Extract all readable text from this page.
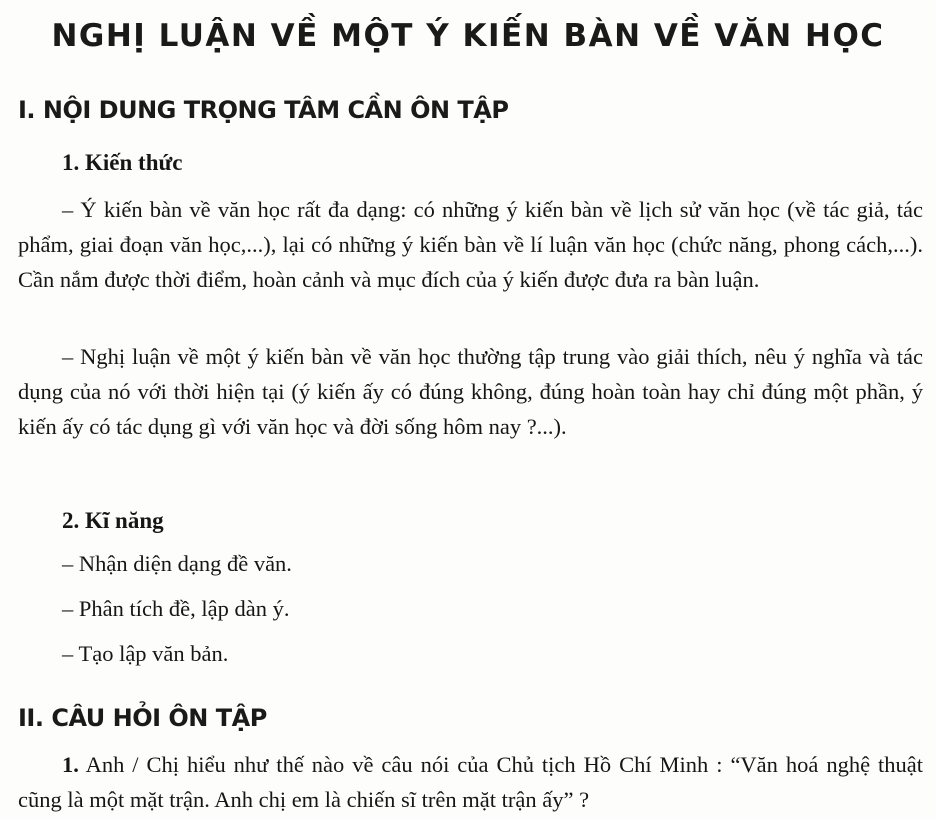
NGHỊ LUẬN VỀ MỘT Ý KIẾN BÀN VỀ VĂN HỌC
I. NỘI DUNG TRỌNG TÂM CẦN ÔN TẬP
1. Kiến thức
– Ý kiến bàn về văn học rất đa dạng: có những ý kiến bàn về lịch sử văn học (về tác giả, tác phẩm, giai đoạn văn học,...), lại có những ý kiến bàn về lí luận văn học (chức năng, phong cách,...). Cần nắm được thời điểm, hoàn cảnh và mục đích của ý kiến được đưa ra bàn luận.
– Nghị luận về một ý kiến bàn về văn học thường tập trung vào giải thích, nêu ý nghĩa và tác dụng của nó với thời hiện tại (ý kiến ấy có đúng không, đúng hoàn toàn hay chỉ đúng một phần, ý kiến ấy có tác dụng gì với văn học và đời sống hôm nay ?...).
2. Kĩ năng
– Nhận diện dạng đề văn.
– Phân tích đề, lập dàn ý.
– Tạo lập văn bản.
II. CÂU HỎI ÔN TẬP
1. Anh / Chị hiểu như thế nào về câu nói của Chủ tịch Hồ Chí Minh : “Văn hoá nghệ thuật cũng là một mặt trận. Anh chị em là chiến sĩ trên mặt trận ấy” ?
